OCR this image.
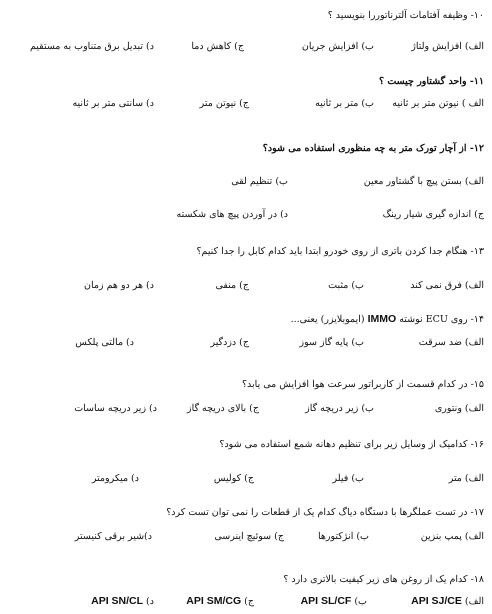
۱۰- وظیفه آفتامات آلترناتوررا بنویسید ؟
الف) افزایش ولتاژ
ب) افزایش جریان
ج) کاهش دما
د) تبدیل برق متناوب به مستقیم
۱۱- واحد گشتاور چیست ؟
الف ) نیوتن متر بر ثانیه
ب) متر بر ثانیه
ج) نیوتن متر
د) سانتی متر بر ثانیه
۱۲- از آچار تورک متر به چه منظوری استفاده می شود؟
الف) بستن پیچ با گشتاور معین
ب) تنظیم لقی
ج) اندازه گیری شیار رینگ
د) در آوردن پیچ های شکسته
۱۳- هنگام جدا کردن باتری از روی خودرو ابتدا باید کدام کابل را جدا کنیم؟
الف) فرق نمی کند
ب) مثبت
ج) منفی
د) هر دو هم زمان
۱۴- روی ECU نوشته IMMO (ایموبلایزر) یعنی...
الف) ضد سرقت
ب) پایه گاز سوز
ج) دزدگیر
د) مالتی پلکس
۱۵- در کدام قسمت از کاربراتور سرعت هوا افزایش می یابد؟
الف) ونتوری
ب) زیر دریچه گاز
ج) بالای دریچه گاز
د) زیر دریچه ساسات
۱۶- کدامیک از وسایل زیر برای تنظیم دهانه شمع استفاده می شود؟
الف) متر
ب) فیلر
ج) کولیس
د) میکرومتر
۱۷- در تست عملگرها با دستگاه دیاگ کدام یک از قطعات را نمی توان تست کرد؟
الف) پمپ بنزین
ب) انژکتورها
ج) سوئیچ اینرسی
د)شیر برقی کنیستر
۱۸- کدام یک از روغن های زیر کیفیت بالاتری دارد ؟
الف) API SJ/CE
ب) API SL/CF
ج) API SM/CG
د) API SN/CL
